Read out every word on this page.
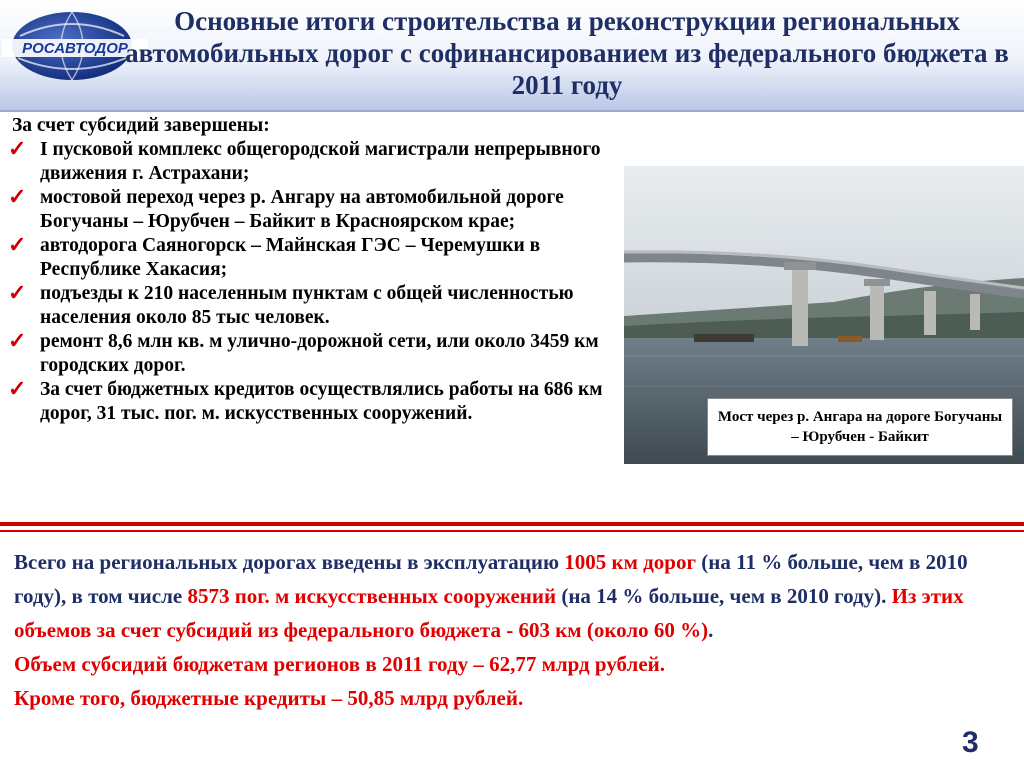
РОСАВТОДОР
Основные итоги строительства и реконструкции региональных автомобильных дорог с софинансированием из федерального бюджета в 2011 году

За счет субсидий завершены:

✓ I пусковой комплекс общегородской магистрали непрерывного движения г. Астрахани;
✓ мостовой переход через р. Ангару на автомобильной дороге Богучаны – Юрубчен – Байкит в Красноярском крае;
✓ автодорога Саяногорск – Майнская ГЭС – Черемушки в Республике Хакасия;
✓ подъезды к 210 населенным пунктам с общей численностью населения около 85 тыс человек.
✓ ремонт 8,6 млн кв. м улично-дорожной сети, или около 3459 км городских дорог.
✓ За счет бюджетных кредитов осуществлялись работы на 686 км дорог, 31 тыс. пог. м. искусственных сооружений.	Мост через р. Ангара на дороге Богучаны – Юрубчен - Байкит

Всего на региональных дорогах введены в эксплуатацию 1005 км дорог (на 11 % больше, чем в 2010 году), в том числе 8573 пог. м искусственных сооружений (на 14 % больше, чем в 2010 году). Из этих объемов за счет субсидий из федерального бюджета - 603 км (около 60 %).
Объем субсидий бюджетам регионов в 2011 году – 62,77 млрд рублей.
Кроме того, бюджетные кредиты – 50,85 млрд рублей.

3
